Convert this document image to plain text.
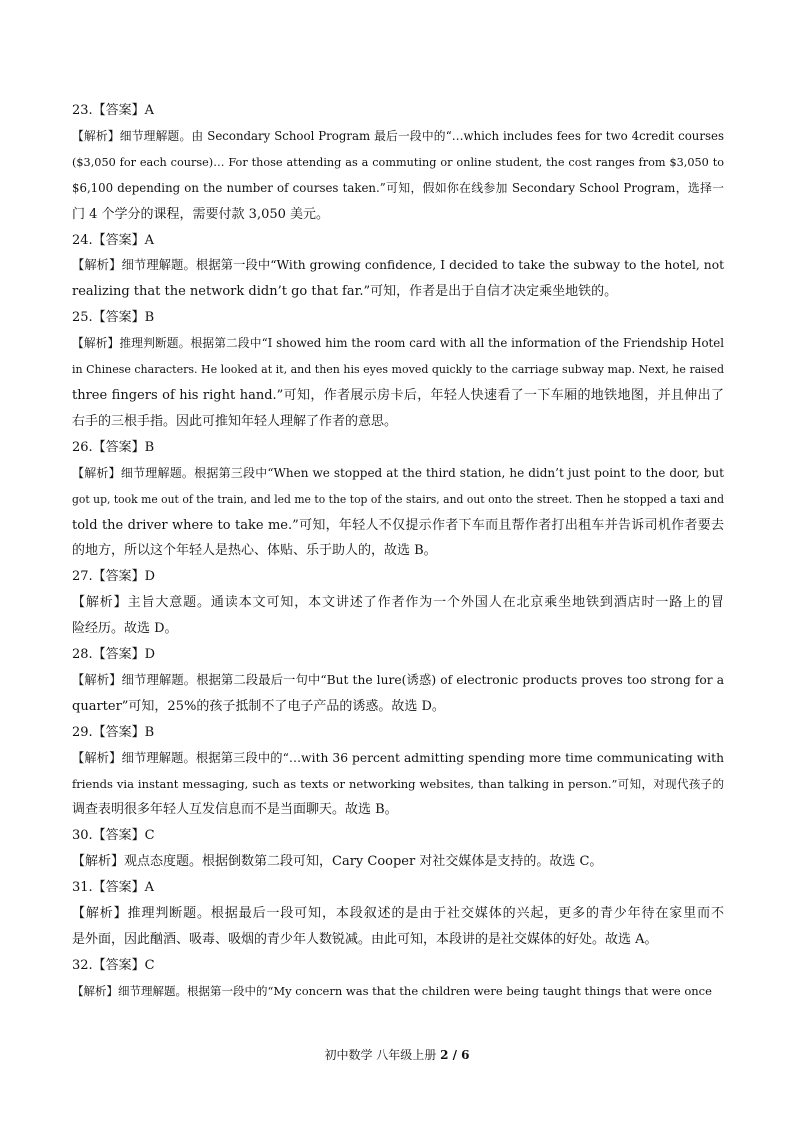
23.【答案】A
【解析】细节理解题。由 Secondary School Program 最后一段中的“…which includes fees for two 4credit courses
($3,050 for each course)… For those attending as a commuting or online student, the cost ranges from $3,050 to
$6,100 depending on the number of courses taken.”可知，假如你在线参加 Secondary School Program，选择一
门 4 个学分的课程，需要付款 3,050 美元。
24.【答案】A
【解析】细节理解题。根据第一段中“With growing confidence, I decided to take the subway to the hotel, not
realizing that the network didn’t go that far.”可知，作者是出于自信才决定乘坐地铁的。
25.【答案】B
【解析】推理判断题。根据第二段中“I showed him the room card with all the information of the Friendship Hotel
in Chinese characters. He looked at it, and then his eyes moved quickly to the carriage subway map. Next, he raised
three fingers of his right hand.”可知，作者展示房卡后，年轻人快速看了一下车厢的地铁地图，并且伸出了
右手的三根手指。因此可推知年轻人理解了作者的意思。
26.【答案】B
【解析】细节理解题。根据第三段中“When we stopped at the third station, he didn’t just point to the door, but
got up, took me out of the train, and led me to the top of the stairs, and out onto the street. Then he stopped a taxi and
told the driver where to take me.”可知，年轻人不仅提示作者下车而且帮作者打出租车并告诉司机作者要去
的地方，所以这个年轻人是热心、体贴、乐于助人的，故选 B。
27.【答案】D
【解析】主旨大意题。通读本文可知，本文讲述了作者作为一个外国人在北京乘坐地铁到酒店时一路上的冒
险经历。故选 D。
28.【答案】D
【解析】细节理解题。根据第二段最后一句中“But the lure(诱惑) of electronic products proves too strong for a
quarter”可知，25%的孩子抵制不了电子产品的诱惑。故选 D。
29.【答案】B
【解析】细节理解题。根据第三段中的“…with 36 percent admitting spending more time communicating with
friends via instant messaging, such as texts or networking websites, than talking in person.”可知，对现代孩子的
调查表明很多年轻人互发信息而不是当面聊天。故选 B。
30.【答案】C
【解析】观点态度题。根据倒数第二段可知，Cary Cooper 对社交媒体是支持的。故选 C。
31.【答案】A
【解析】推理判断题。根据最后一段可知，本段叙述的是由于社交媒体的兴起，更多的青少年待在家里而不
是外面，因此酗酒、吸毒、吸烟的青少年人数锐减。由此可知，本段讲的是社交媒体的好处。故选 A。
32.【答案】C
【解析】细节理解题。根据第一段中的“My concern was that the children were being taught things that were once
初中数学 八年级上册 2 / 6
